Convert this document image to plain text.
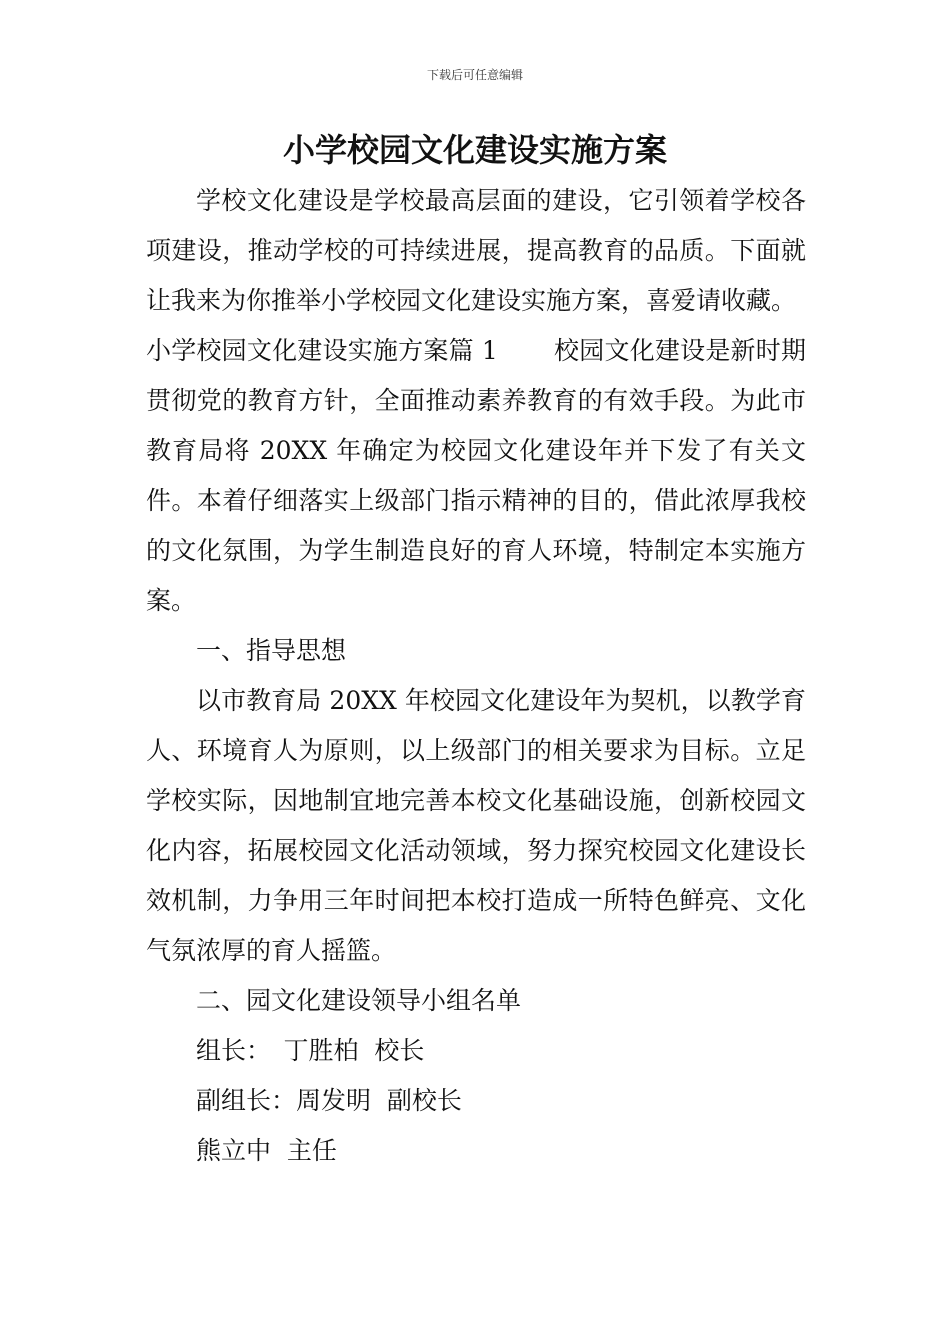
下载后可任意编辑
小学校园文化建设实施方案

学校文化建设是学校最高层面的建设，它引领着学校各项建设，推动学校的可持续进展，提高教育的品质。下面就让我来为你推举小学校园文化建设实施方案，喜爱请收藏。

小学校园文化建设实施方案篇 1 校园文化建设是新时期贯彻党的教育方针，全面推动素养教育的有效手段。为此市教育局将 20XX 年确定为校园文化建设年并下发了有关文件。本着仔细落实上级部门指示精神的目的，借此浓厚我校的文化氛围，为学生制造良好的育人环境，特制定本实施方案。

一、指导思想

以市教育局 20XX 年校园文化建设年为契机，以教学育人、环境育人为原则，以上级部门的相关要求为目标。立足学校实际，因地制宜地完善本校文化基础设施，创新校园文化内容，拓展校园文化活动领域，努力探究校园文化建设长效机制，力争用三年时间把本校打造成一所特色鲜亮、文化气氛浓厚的育人摇篮。

二、园文化建设领导小组名单

组长：　丁胜柏  校长

副组长：周发明  副校长

熊立中  主任
